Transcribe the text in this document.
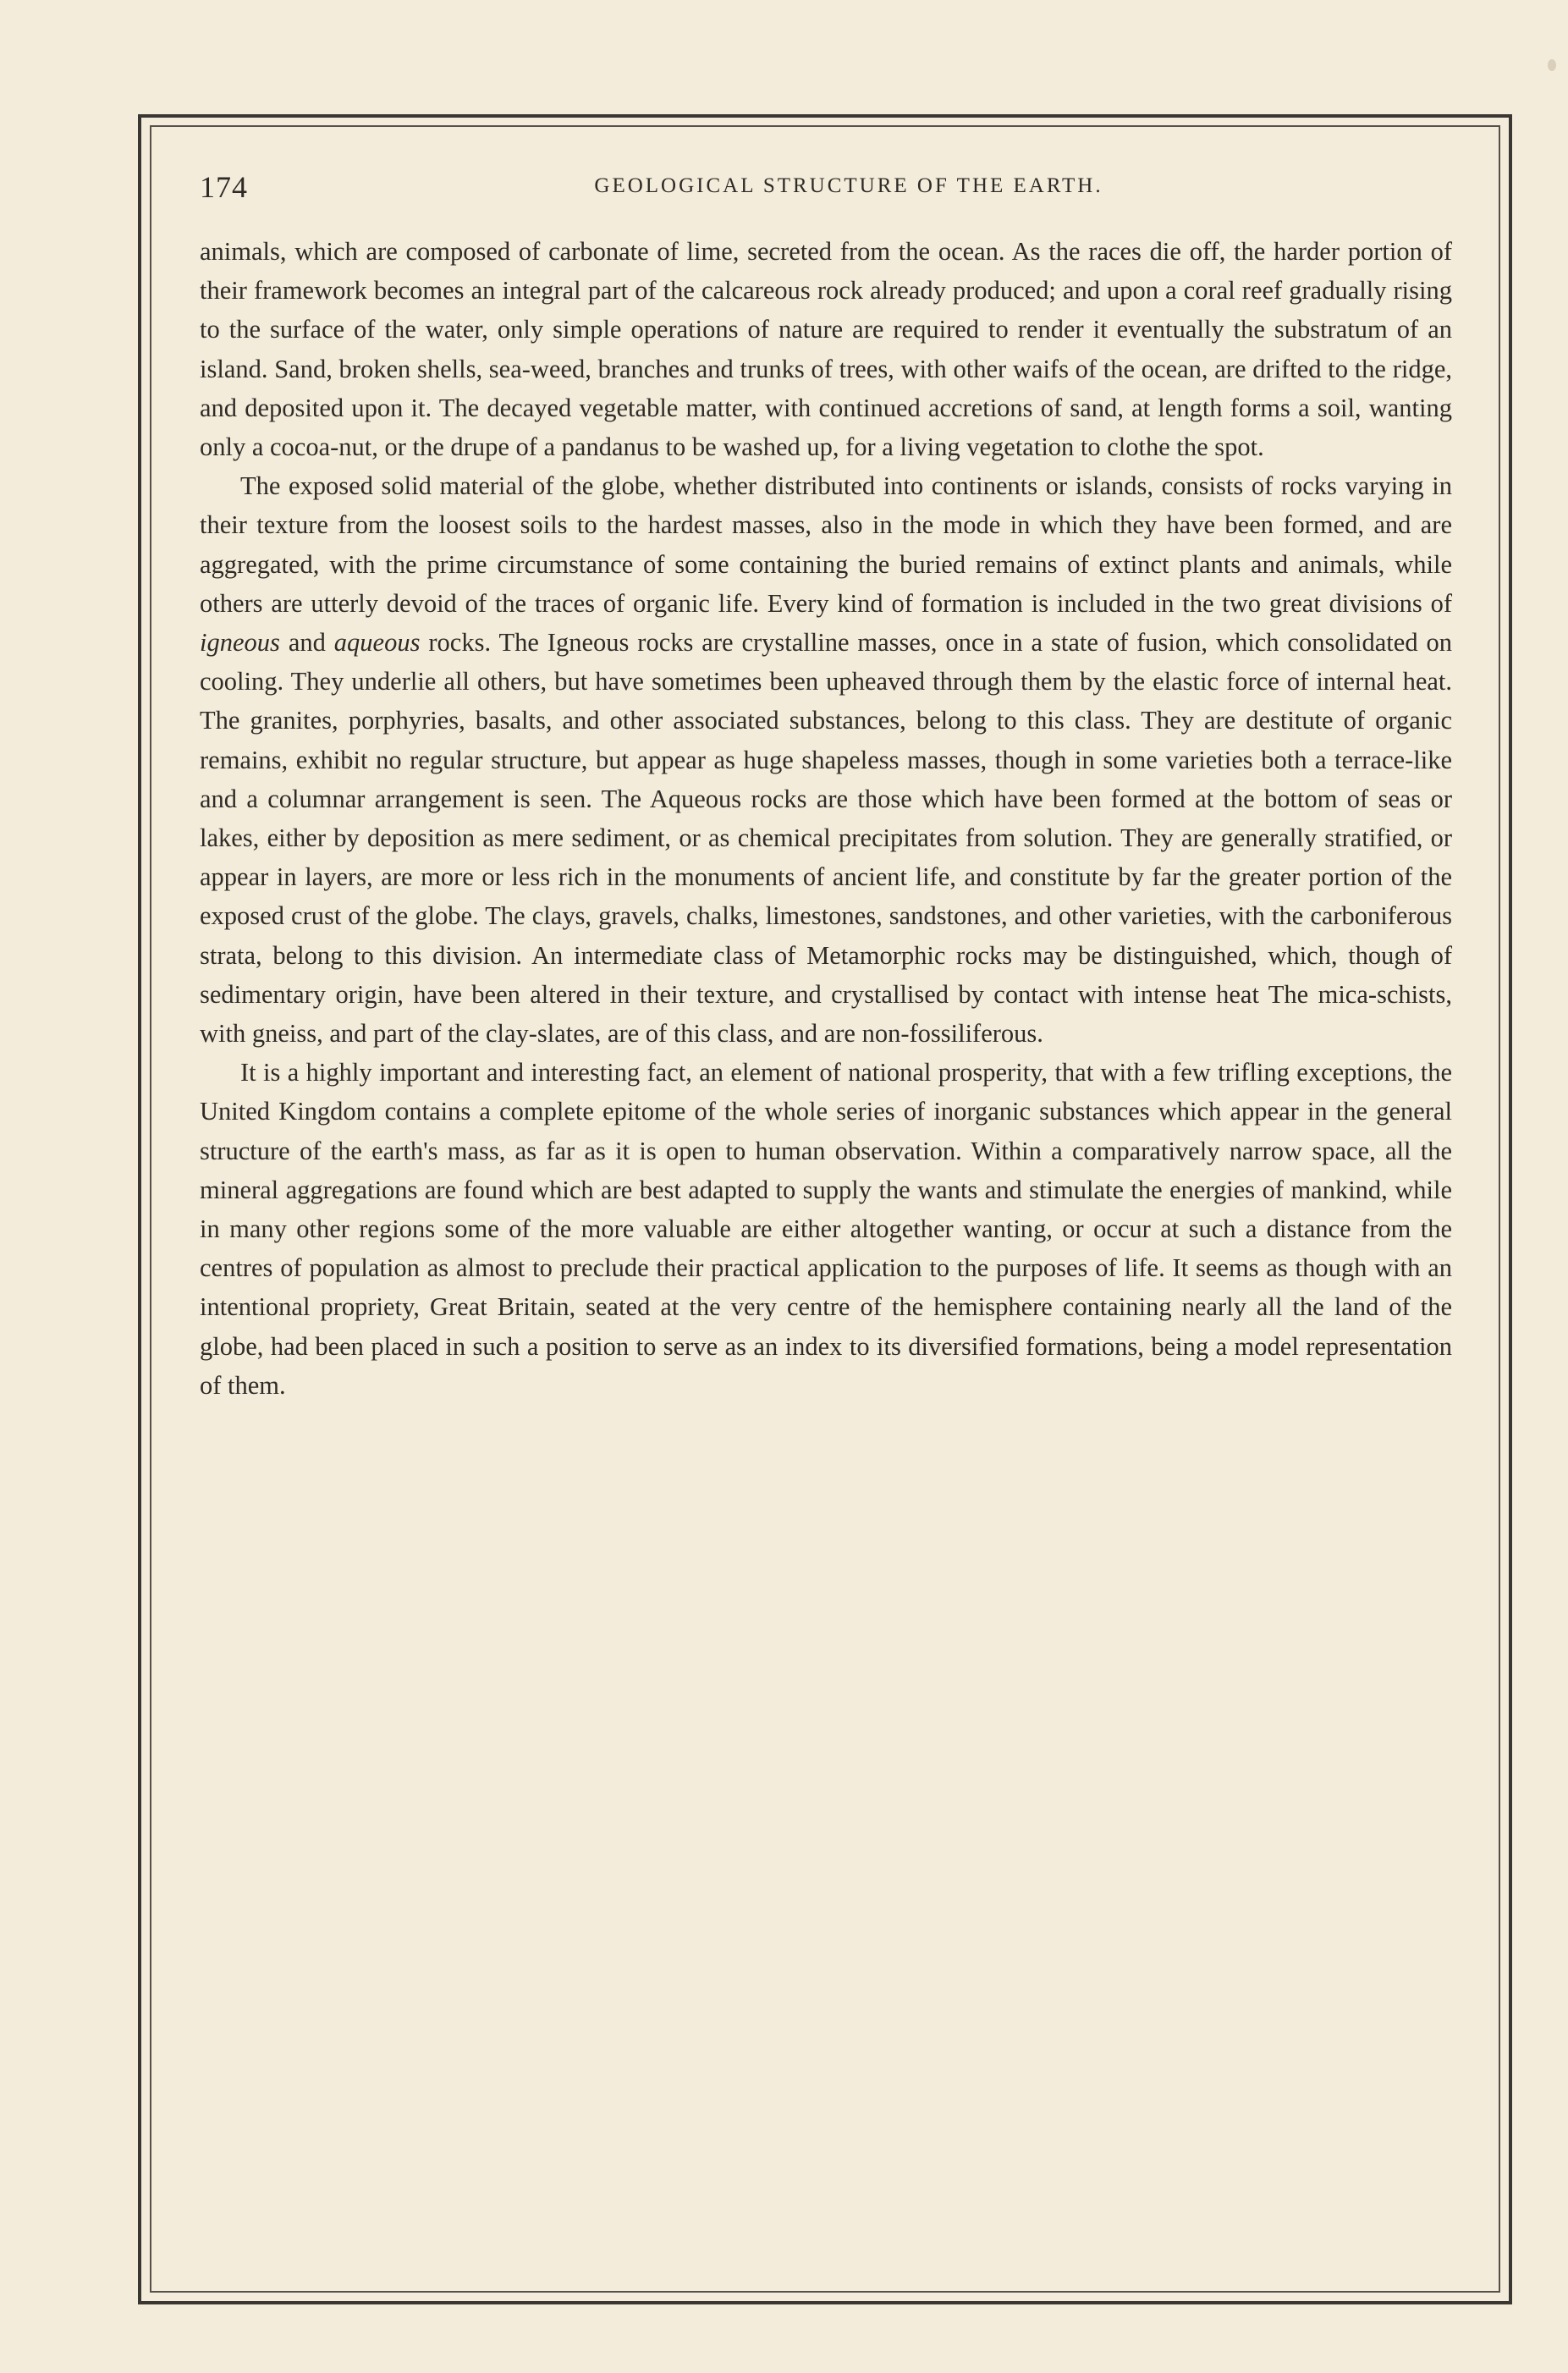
174	GEOLOGICAL STRUCTURE OF THE EARTH.

animals, which are composed of carbonate of lime, secreted from the ocean. As the races die off, the harder portion of their framework becomes an integral part of the calcareous rock already produced; and upon a coral reef gradually rising to the surface of the water, only simple operations of nature are required to render it eventually the substratum of an island. Sand, broken shells, sea-weed, branches and trunks of trees, with other waifs of the ocean, are drifted to the ridge, and deposited upon it. The decayed vegetable matter, with continued accretions of sand, at length forms a soil, wanting only a cocoa-nut, or the drupe of a pandanus to be washed up, for a living vegetation to clothe the spot.

The exposed solid material of the globe, whether distributed into continents or islands, consists of rocks varying in their texture from the loosest soils to the hardest masses, also in the mode in which they have been formed, and are aggregated, with the prime circumstance of some containing the buried remains of extinct plants and animals, while others are utterly devoid of the traces of organic life. Every kind of formation is included in the two great divisions of igneous and aqueous rocks. The Igneous rocks are crystalline masses, once in a state of fusion, which consolidated on cooling. They underlie all others, but have sometimes been upheaved through them by the elastic force of internal heat. The granites, porphyries, basalts, and other associated substances, belong to this class. They are destitute of organic remains, exhibit no regular structure, but appear as huge shapeless masses, though in some varieties both a terrace-like and a columnar arrangement is seen. The Aqueous rocks are those which have been formed at the bottom of seas or lakes, either by deposition as mere sediment, or as chemical precipitates from solution. They are generally stratified, or appear in layers, are more or less rich in the monuments of ancient life, and constitute by far the greater portion of the exposed crust of the globe. The clays, gravels, chalks, limestones, sandstones, and other varieties, with the carboniferous strata, belong to this division. An intermediate class of Metamorphic rocks may be distinguished, which, though of sedimentary origin, have been altered in their texture, and crystallised by contact with intense heat The mica-schists, with gneiss, and part of the clay-slates, are of this class, and are non-fossiliferous.

It is a highly important and interesting fact, an element of national prosperity, that with a few trifling exceptions, the United Kingdom contains a complete epitome of the whole series of inorganic substances which appear in the general structure of the earth's mass, as far as it is open to human observation. Within a comparatively narrow space, all the mineral aggregations are found which are best adapted to supply the wants and stimulate the energies of mankind, while in many other regions some of the more valuable are either altogether wanting, or occur at such a distance from the centres of population as almost to preclude their practical application to the purposes of life. It seems as though with an intentional propriety, Great Britain, seated at the very centre of the hemisphere containing nearly all the land of the globe, had been placed in such a position to serve as an index to its diversified formations, being a model representation of them.
